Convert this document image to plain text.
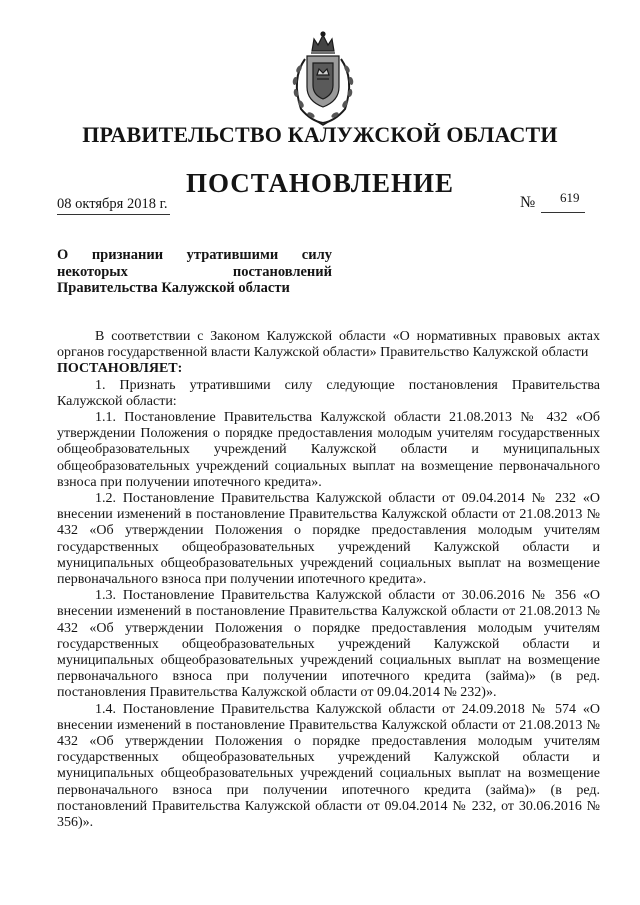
ПРАВИТЕЛЬСТВО КАЛУЖСКОЙ ОБЛАСТИ
ПОСТАНОВЛЕНИЕ
08 октября 2018 г.	№ 619
О признании утратившими силу некоторых постановлений Правительства Калужской области

В соответствии с Законом Калужской области «О нормативных правовых актах органов государственной власти Калужской области» Правительство Калужской области

ПОСТАНОВЛЯЕТ:

1. Признать утратившими силу следующие постановления Правительства Калужской области:

1.1. Постановление Правительства Калужской области 21.08.2013 № 432 «Об утверждении Положения о порядке предоставления молодым учителям государственных общеобразовательных учреждений Калужской области и муниципальных общеобразовательных учреждений социальных выплат на возмещение первоначального взноса при получении ипотечного кредита».

1.2. Постановление Правительства Калужской области от 09.04.2014 № 232 «О внесении изменений в постановление Правительства Калужской области от 21.08.2013 № 432 «Об утверждении Положения о порядке предоставления молодым учителям государственных общеобразовательных учреждений Калужской области и муниципальных общеобразовательных учреждений социальных выплат на возмещение первоначального взноса при получении ипотечного кредита».

1.3. Постановление Правительства Калужской области от 30.06.2016 № 356 «О внесении изменений в постановление Правительства Калужской области от 21.08.2013 № 432 «Об утверждении Положения о порядке предоставления молодым учителям государственных общеобразовательных учреждений Калужской области и муниципальных общеобразовательных учреждений социальных выплат на возмещение первоначального взноса при получении ипотечного кредита (займа)» (в ред. постановления Правительства Калужской области от 09.04.2014 № 232)».

1.4. Постановление Правительства Калужской области от 24.09.2018 № 574 «О внесении изменений в постановление Правительства Калужской области от 21.08.2013 № 432 «Об утверждении Положения о порядке предоставления молодым учителям государственных общеобразовательных учреждений Калужской области и муниципальных общеобразовательных учреждений социальных выплат на возмещение первоначального взноса при получении ипотечного кредита (займа)» (в ред. постановлений Правительства Калужской области от 09.04.2014 № 232, от 30.06.2016 № 356)».
